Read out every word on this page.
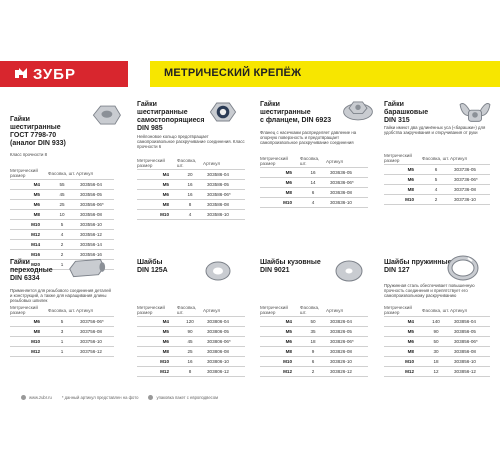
ЗУБР	МЕТРИЧЕСКИЙ КРЕПЁЖ
Гайки
шестигранные
ГОСТ 7798-70
(аналог DIN 933)
Класс прочности 8
Метрический размер	Фасовка, шт.	Артикул
M4	55	303556-04
M5	45	303556-05
M6	25	303556-06*
M8	10	303556-08
M10	5	303556-10
M12	4	303556-12
M14	2	303556-14
M16	2	303556-16
M20	1	
Гайки
шестигранные
самостопорящиеся
DIN 985
Нейлоновое кольцо предотвращает самопроизвольное раскручивание соединения. Класс прочности 6
Метрический размер	Фасовка, шт.	Артикул
M4	20	303586-04
M5	16	303586-05
M6	16	303586-06*
M8	8	303586-08
M10	4	303586-10
Гайки
шестигранные
с фланцем, DIN 6923
Фланец с насечками распределяет давление на опорную поверхность и предотвращает самопроизвольное раскручивание соединения
Метрический размер	Фасовка, шт.	Артикул
M5	16	303636-05
M6	14	303636-06*
M8	6	303636-08
M10	4	303636-10
Гайки
барашковые
DIN 315
Гайки имеют два удлинённых уса («барашки») для удобства закручивания и откручивания от руки
Метрический размер	Фасовка, шт.	Артикул
M5	6	303736-05
M6	5	303736-06*
M8	4	303736-08
M10	2	303736-10
Гайки
переходные
DIN 6334
Применяется для резьбового соединения деталей и конструкций, а также для наращивания длины резьбовых шпилек
Метрический размер	Фасовка, шт.	Артикул
M6	5	303756-06*
M8	3	303756-08
M10	1	303756-10
M12	1	303756-12
Шайбы
DIN 125A
Метрический размер	Фасовка, шт.	Артикул
M4	120	303806-04
M5	90	303806-05
M6	45	303806-06*
M8	25	303806-08
M10	16	303806-10
M12	8	303806-12
Шайбы кузовные
DIN 9021
Метрический размер	Фасовка, шт.	Артикул
M4	50	303826-04
M5	35	303826-05
M6	18	303826-06*
M8	9	303826-08
M10	6	303826-10
M12	2	303826-12
Шайбы пружинные
DIN 127
Пружинная сталь обеспечивает повышенную прочность соединения и препятствует его самопроизвольному раскручиванию
Метрический размер	Фасовка, шт.	Артикул
M4	140	303856-04
M5	90	303856-05
M6	50	303856-06*
M8	30	303856-08
M10	18	303856-10
M12	12	303856-12
www.zubr.ru * данный артикул представлен на фото	упаковка пакет с европодвесом
